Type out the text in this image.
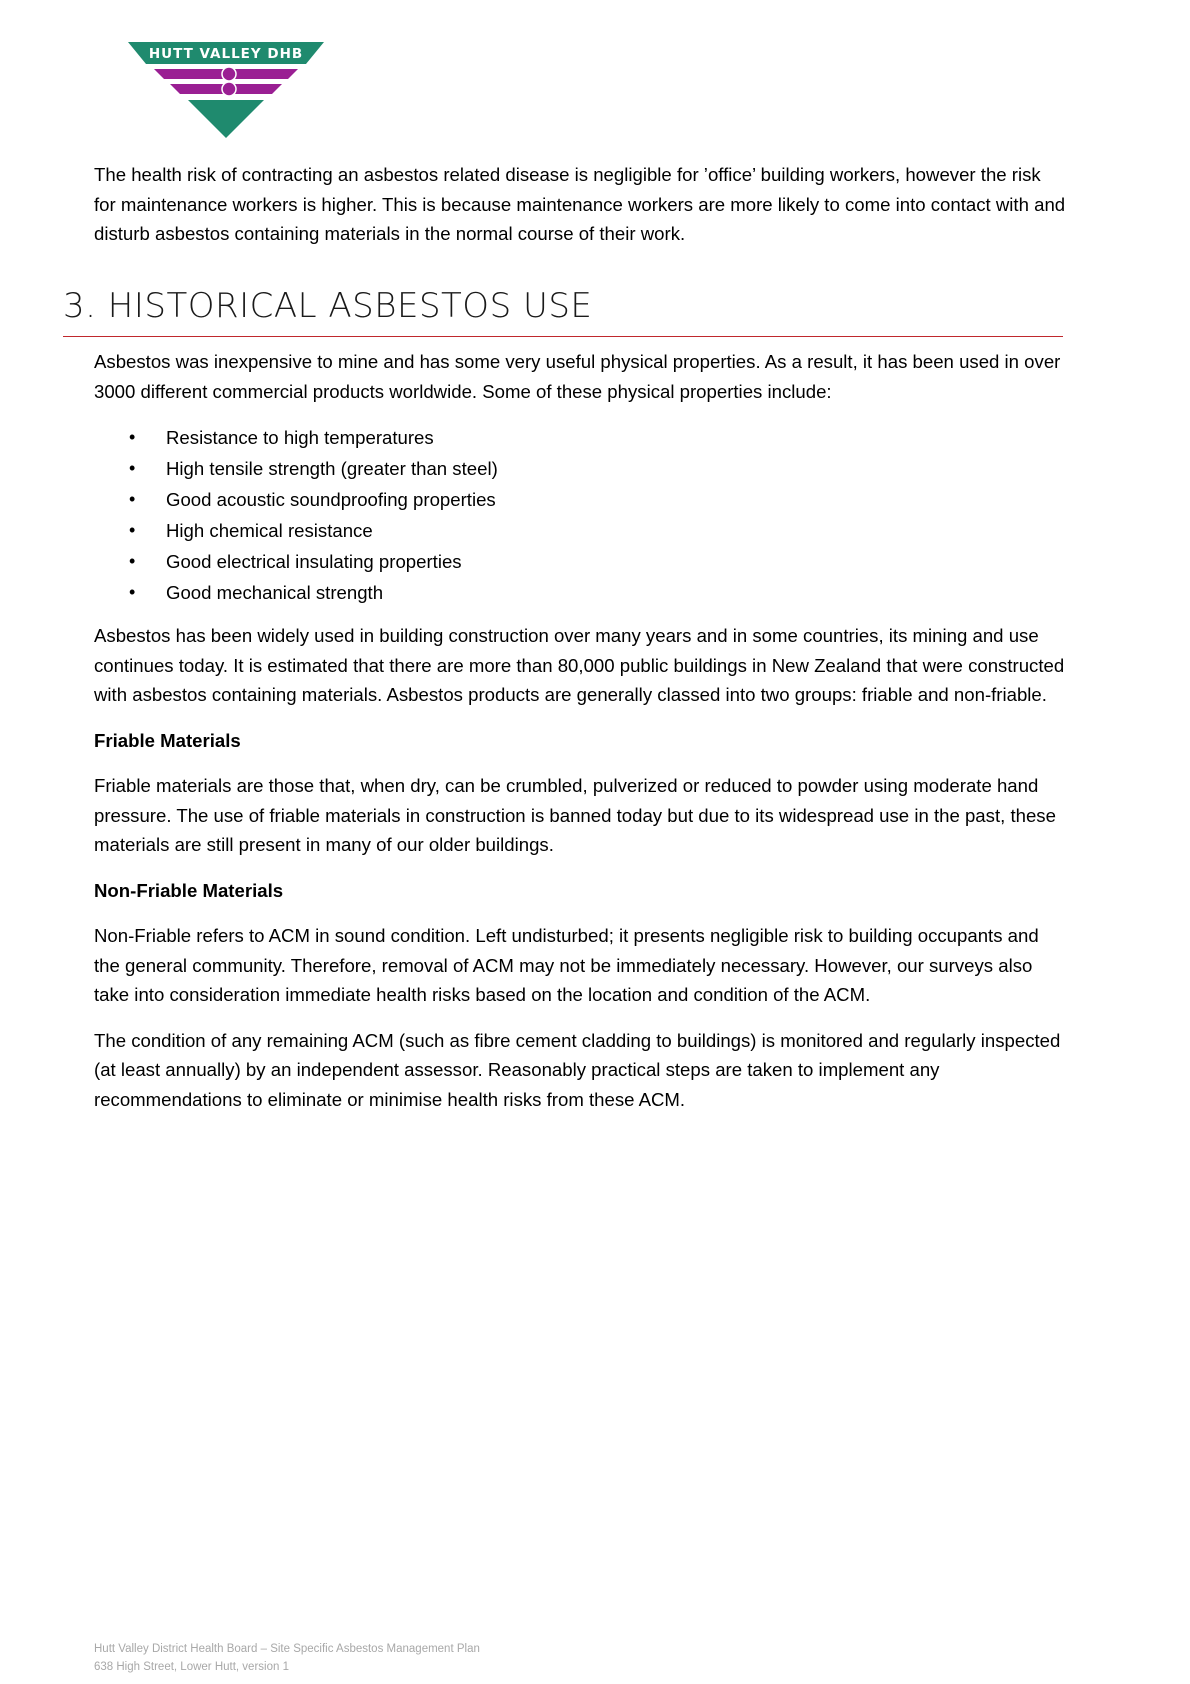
HUTT VALLEY DHB

The health risk of contracting an asbestos related disease is negligible for ’office’ building workers, however the risk for maintenance workers is higher. This is because maintenance workers are more likely to come into contact with and disturb asbestos containing materials in the normal course of their work.

3. HISTORICAL ASBESTOS USE

Asbestos was inexpensive to mine and has some very useful physical properties. As a result, it has been used in over 3000 different commercial products worldwide. Some of these physical properties include:

• Resistance to high temperatures
• High tensile strength (greater than steel)
• Good acoustic soundproofing properties
• High chemical resistance
• Good electrical insulating properties
• Good mechanical strength

Asbestos has been widely used in building construction over many years and in some countries, its mining and use continues today. It is estimated that there are more than 80,000 public buildings in New Zealand that were constructed with asbestos containing materials. Asbestos products are generally classed into two groups: friable and non-friable.

Friable Materials

Friable materials are those that, when dry, can be crumbled, pulverized or reduced to powder using moderate hand pressure. The use of friable materials in construction is banned today but due to its widespread use in the past, these materials are still present in many of our older buildings.

Non-Friable Materials

Non-Friable refers to ACM in sound condition. Left undisturbed; it presents negligible risk to building occupants and the general community. Therefore, removal of ACM may not be immediately necessary. However, our surveys also take into consideration immediate health risks based on the location and condition of the ACM.

The condition of any remaining ACM (such as fibre cement cladding to buildings) is monitored and regularly inspected (at least annually) by an independent assessor. Reasonably practical steps are taken to implement any recommendations to eliminate or minimise health risks from these ACM.

Hutt Valley District Health Board – Site Specific Asbestos Management Plan
638 High Street, Lower Hutt, version 1
